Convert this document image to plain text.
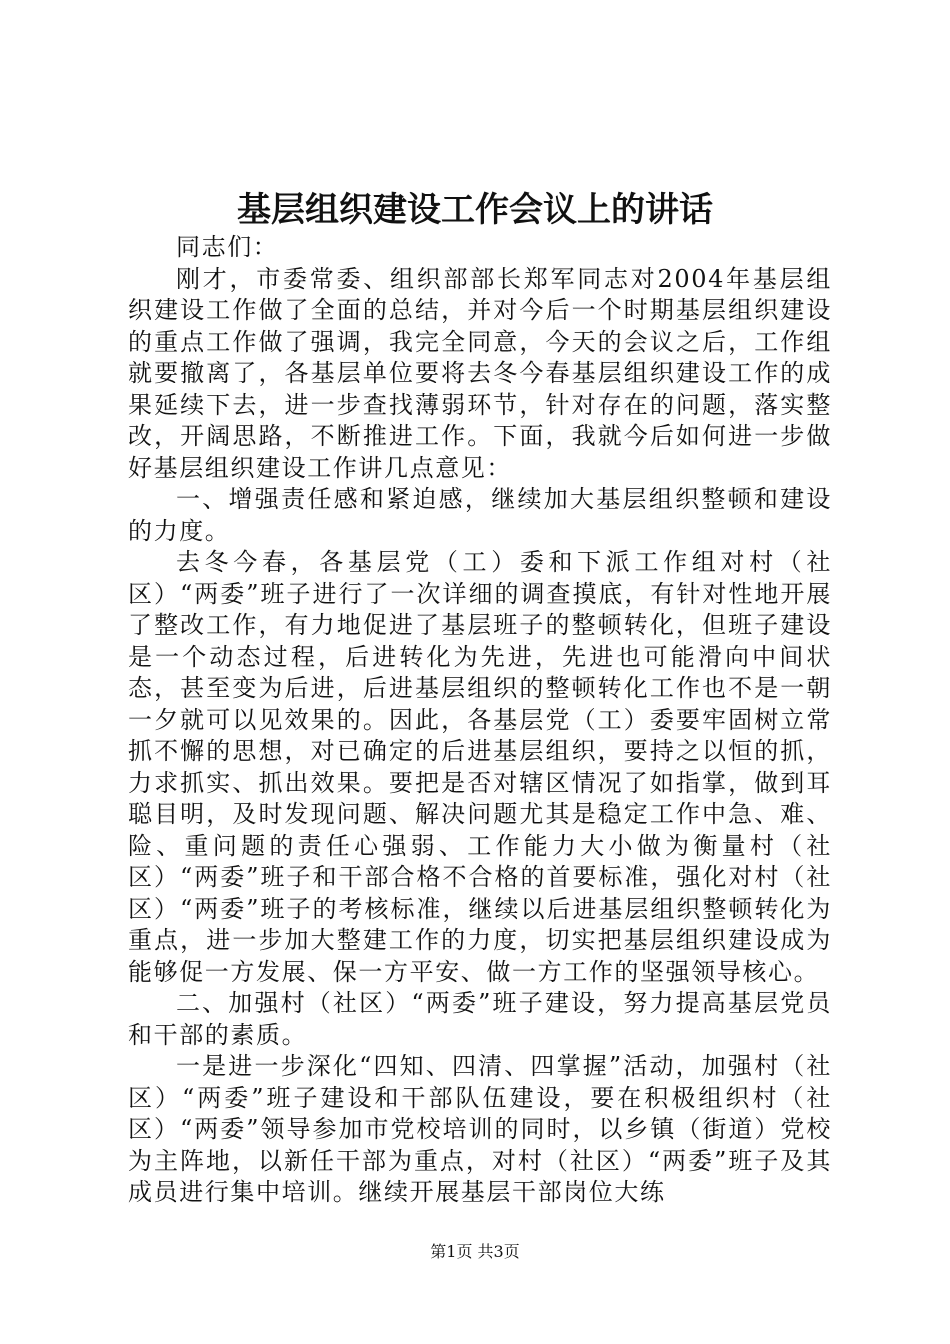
基层组织建设工作会议上的讲话

同志们：

刚才，市委常委、组织部部长郑军同志对2004年基层组织建设工作做了全面的总结，并对今后一个时期基层组织建设的重点工作做了强调，我完全同意，今天的会议之后，工作组就要撤离了，各基层单位要将去冬今春基层组织建设工作的成果延续下去，进一步查找薄弱环节，针对存在的问题，落实整改，开阔思路，不断推进工作。下面，我就今后如何进一步做好基层组织建设工作讲几点意见：

一、增强责任感和紧迫感，继续加大基层组织整顿和建设的力度。

去冬今春，各基层党（工）委和下派工作组对村（社区）“两委”班子进行了一次详细的调查摸底，有针对性地开展了整改工作，有力地促进了基层班子的整顿转化，但班子建设是一个动态过程，后进转化为先进，先进也可能滑向中间状态，甚至变为后进，后进基层组织的整顿转化工作也不是一朝一夕就可以见效果的。因此，各基层党（工）委要牢固树立常抓不懈的思想，对已确定的后进基层组织，要持之以恒的抓，力求抓实、抓出效果。要把是否对辖区情况了如指掌，做到耳聪目明，及时发现问题、解决问题尤其是稳定工作中急、难、险、重问题的责任心强弱、工作能力大小做为衡量村（社区）“两委”班子和干部合格不合格的首要标准，强化对村（社区）“两委”班子的考核标准，继续以后进基层组织整顿转化为重点，进一步加大整建工作的力度，切实把基层组织建设成为能够促一方发展、保一方平安、做一方工作的坚强领导核心。

二、加强村（社区）“两委”班子建设，努力提高基层党员和干部的素质。

一是进一步深化“四知、四清、四掌握”活动，加强村（社区）“两委”班子建设和干部队伍建设，要在积极组织村（社区）“两委”领导参加市党校培训的同时，以乡镇（街道）党校为主阵地，以新任干部为重点，对村（社区）“两委”班子及其成员进行集中培训。继续开展基层干部岗位大练

第1页 共3页
